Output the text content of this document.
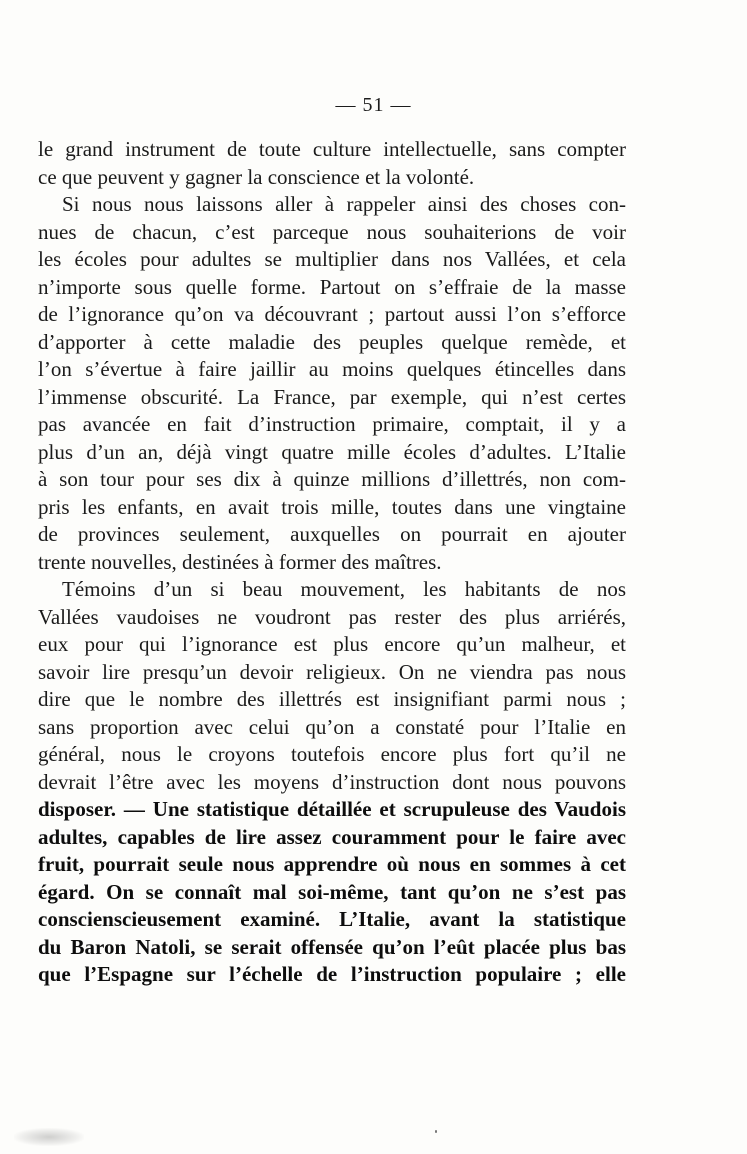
— 51 —
le grand instrument de toute culture intellectuelle, sans compter
ce que peuvent y gagner la conscience et la volonté.
Si nous nous laissons aller à rappeler ainsi des choses con-
nues de chacun, c’est parceque nous souhaiterions de voir
les écoles pour adultes se multiplier dans nos Vallées, et cela
n’importe sous quelle forme. Partout on s’effraie de la masse
de l’ignorance qu’on va découvrant ; partout aussi l’on s’efforce
d’apporter à cette maladie des peuples quelque remède, et
l’on s’évertue à faire jaillir au moins quelques étincelles dans
l’immense obscurité. La France, par exemple, qui n’est certes
pas avancée en fait d’instruction primaire, comptait, il y a
plus d’un an, déjà vingt quatre mille écoles d’adultes. L’Italie
à son tour pour ses dix à quinze millions d’illettrés, non com-
pris les enfants, en avait trois mille, toutes dans une vingtaine
de provinces seulement, auxquelles on pourrait en ajouter
trente nouvelles, destinées à former des maîtres.
Témoins d’un si beau mouvement, les habitants de nos
Vallées vaudoises ne voudront pas rester des plus arriérés,
eux pour qui l’ignorance est plus encore qu’un malheur, et
savoir lire presqu’un devoir religieux. On ne viendra pas nous
dire que le nombre des illettrés est insignifiant parmi nous ;
sans proportion avec celui qu’on a constaté pour l’Italie en
général, nous le croyons toutefois encore plus fort qu’il ne
devrait l’être avec les moyens d’instruction dont nous pouvons
disposer. — Une statistique détaillée et scrupuleuse des Vaudois
adultes, capables de lire assez couramment pour le faire avec
fruit, pourrait seule nous apprendre où nous en sommes à cet
égard. On se connaît mal soi-même, tant qu’on ne s’est pas
conscienscieusement examiné. L’Italie, avant la statistique
du Baron Natoli, se serait offensée qu’on l’eût placée plus bas
que l’Espagne sur l’échelle de l’instruction populaire ; elle
